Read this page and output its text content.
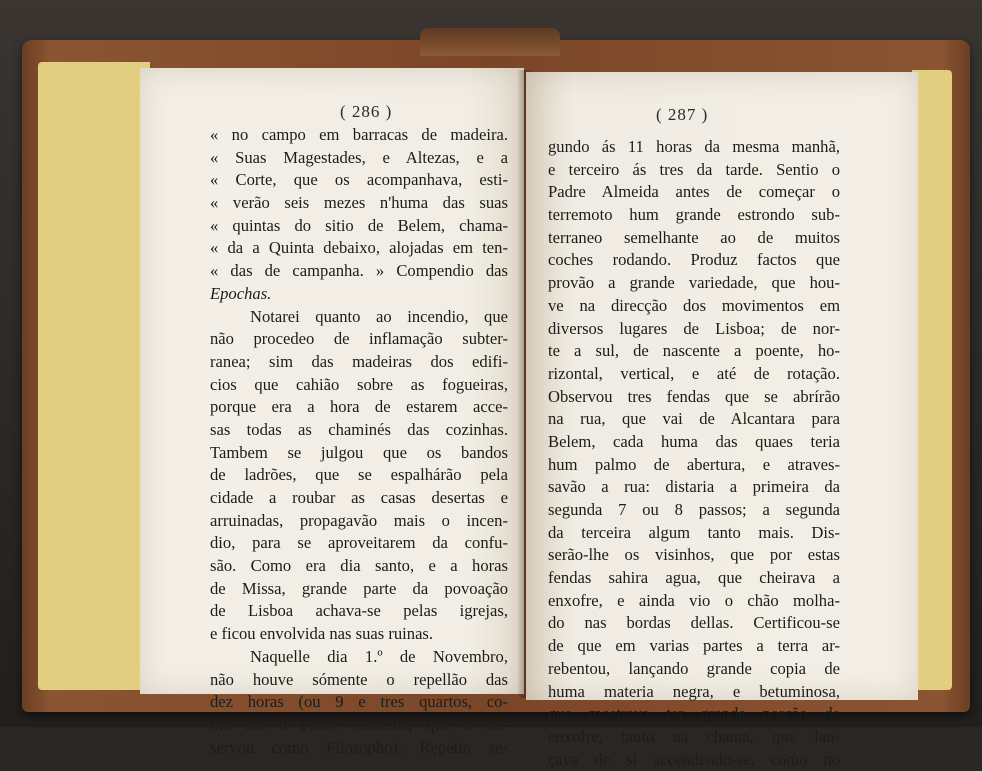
( 286 )
« no campo em barracas de madeira.
« Suas Magestades, e Altezas, e a
« Corte, que os acompanhava, esti-
« verão seis mezes n'huma das suas
« quintas do sitio de Belem, chama-
« da a Quinta debaixo, alojadas em ten-
« das de campanha. » Compendio das
Epochas.
Notarei quanto ao incendio, que
não procedeo de inflamação subter-
ranea; sim das madeiras dos edifi-
cios que cahião sobre as fogueiras,
porque era a hora de estarem acce-
sas todas as chaminés das cozinhas.
Tambem se julgou que os bandos
de ladrões, que se espalhárão pela
cidade a roubar as casas desertas e
arruinadas, propagavão mais o incen-
dio, para se aproveitarem da confu-
são. Como era dia santo, e a horas
de Missa, grande parte da povoação
de Lisboa achava-se pelas igrejas,
e ficou envolvida nas suas ruinas.
Naquelle dia 1.º de Novembro,
não houve sómente o repellão das
dez horas (ou 9 e tres quartos, co-
mo diz o Padre Almeida, que o ob-
servou como Filosopho). Repetio se-
( 287 )
gundo ás 11 horas da mesma manhã,
e terceiro ás tres da tarde. Sentio o
Padre Almeida antes de começar o
terremoto hum grande estrondo sub-
terraneo semelhante ao de muitos
coches rodando. Produz factos que
provão a grande variedade, que hou-
ve na direcção dos movimentos em
diversos lugares de Lisboa; de nor-
te a sul, de nascente a poente, ho-
rizontal, vertical, e até de rotação.
Observou tres fendas que se abrírão
na rua, que vai de Alcantara para
Belem, cada huma das quaes teria
hum palmo de abertura, e atraves-
savão a rua: distaria a primeira da
segunda 7 ou 8 passos; a segunda
da terceira algum tanto mais. Dis-
serão-lhe os visinhos, que por estas
fendas sahira agua, que cheirava a
enxofre, e ainda vio o chão molha-
do nas bordas dellas. Certificou-se
de que em varias partes a terra ar-
rebentou, lançando grande copia de
huma materia negra, e betuminosa,
que mostrava ter grande porção de
enxofre, tanto na chama, que lan-
çava de si accendendo-se, como no
